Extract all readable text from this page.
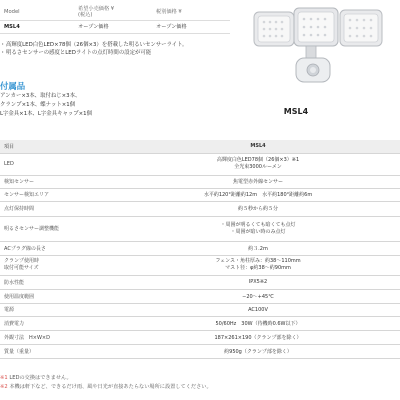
Model	希望小売価格 ¥
(税込)	税別価格 ¥
MSL4	オープン価格	オープン価格
・ 高輝度LED白色LED×78個（26個×3）を搭載した明るいセンサーライト。
・ 明るさセンサーの感度とLEDライトの点灯時間の設定が可能
付属品
アンカー×3本、取付ねじ×3本、
クランプ×1本、蝶ナット×1個
L字金具×1本、L字金具キャップ×1個	MSL4
項目	MSL4
LED	高輝度白色LED78個（26個×3）※1
全光束3000ルーメン

検知センサー	焦電型赤外線センサー
センサー検知エリア	水平約120°距離約12m　水平約180°距離約6m
点灯保持時間	約５秒から約５分
明るさセンサー調整機能	・周囲が明るくても暗くても点灯
・周囲が暗い時のみ点灯

ACプラグ線の長さ	約３.2m

クランプ使用時
取付可能サイズ	フェンス・角柱厚み：約38〜110mm
マスト径：φ約38〜約90mm

防水性能	IPX5※2
使用温度範囲	−20〜+45℃
電源	AC100V
消費電力	50/60Hz　30W（待機時0.6W以下）
外観寸法　H×W×D	187×261×190（クランプ部を除く）
質量（重量）	約950g（クランプ部を除く）
※1 LEDの交換はできません。
※2 本機は軒下など、できるだけ雨、風や日光が直接あたらない場所に設置してください。
